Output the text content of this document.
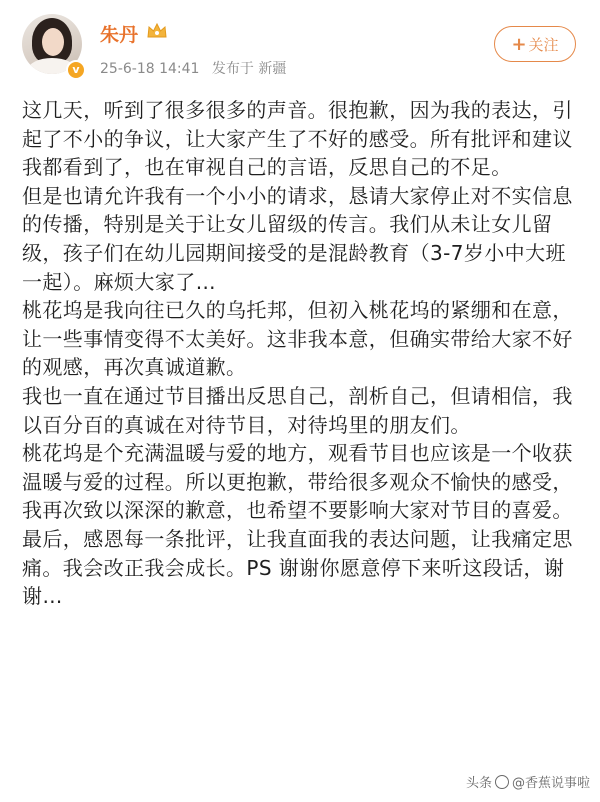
v
朱丹
25-6-18 14:41 发布于 新疆
+ 关注

这几天，听到了很多很多的声音。很抱歉，因为我的表达，引起了不小的争议，让大家产生了不好的感受。所有批评和建议我都看到了，也在审视自己的言语，反思自己的不足。

但是也请允许我有一个小小的请求，恳请大家停止对不实信息的传播，特别是关于让女儿留级的传言。我们从未让女儿留级，孩子们在幼儿园期间接受的是混龄教育（3-7岁小中大班一起）。麻烦大家了…

桃花坞是我向往已久的乌托邦，但初入桃花坞的紧绷和在意，让一些事情变得不太美好。这非我本意，但确实带给大家不好的观感，再次真诚道歉。

我也一直在通过节目播出反思自己，剖析自己，但请相信，我以百分百的真诚在对待节目，对待坞里的朋友们。

桃花坞是个充满温暖与爱的地方，观看节目也应该是一个收获温暖与爱的过程。所以更抱歉，带给很多观众不愉快的感受，我再次致以深深的歉意，也希望不要影响大家对节目的喜爱。

最后，感恩每一条批评，让我直面我的表达问题，让我痛定思痛。我会改正我会成长。PS 谢谢你愿意停下来听这段话，谢谢…

头条 @香蕉说事啦
